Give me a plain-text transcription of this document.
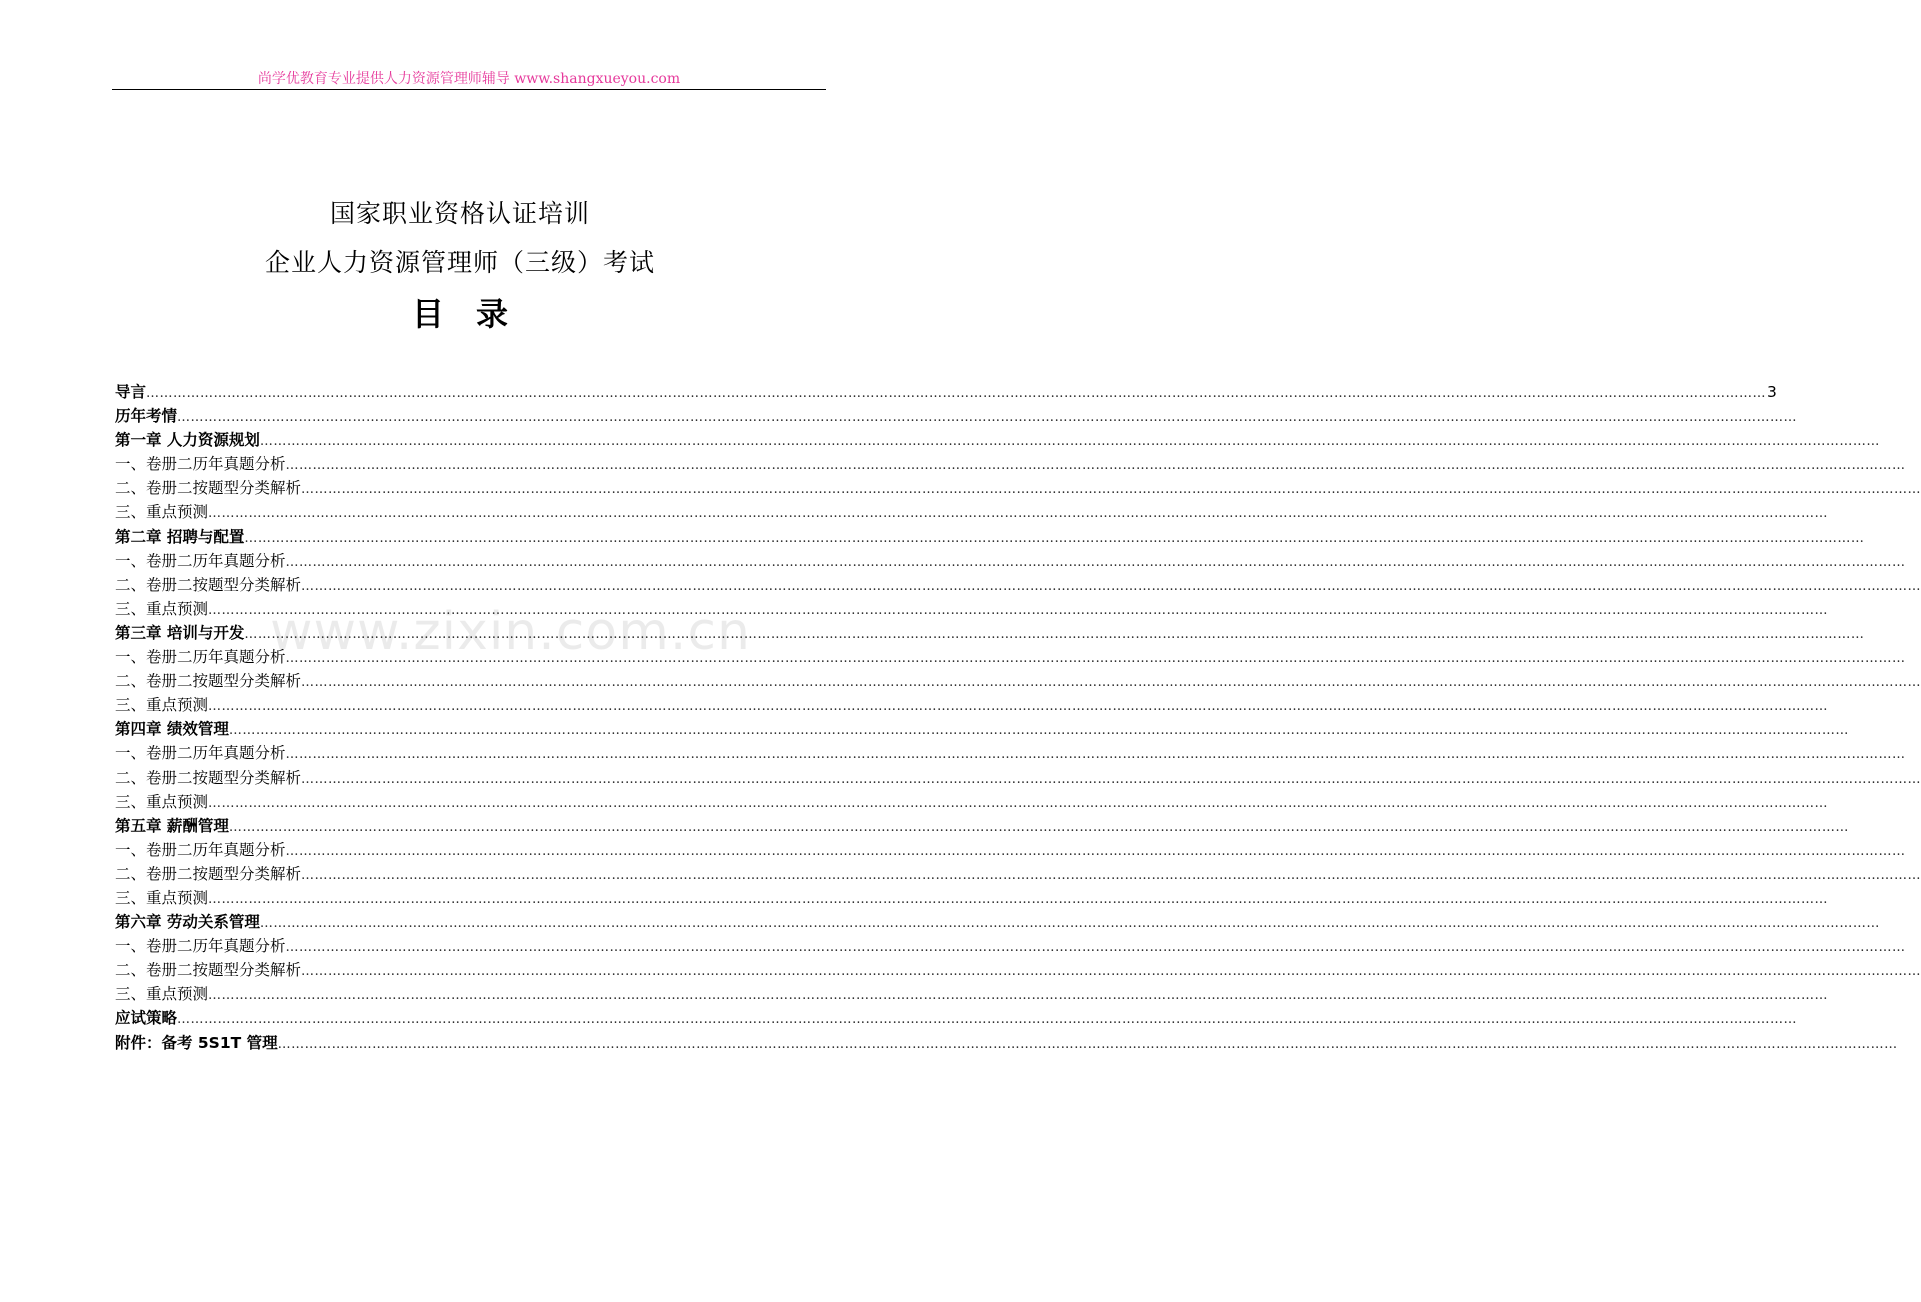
尚学优教育专业提供人力资源管理师辅导 www.shangxueyou.com
国家职业资格认证培训
企业人力资源管理师（三级）考试
目　录
www.zixin.com.cn
导言 ……………………………………………………………………………………………………………………………………………………………………………………………………………………………………………………………………………………………………………………………… 3
历年考情 ………………………………………………………………………………………………………………………………………………………………………………………………………………………………………………………………………………………………………………………………
第一章 人力资源规划 ………………………………………………………………………………………………………………………………………………………………………………………………………………………………………………………………………………………………………………………………
一、卷册二历年真题分析 ………………………………………………………………………………………………………………………………………………………………………………………………………………………………………………………………………………………………………………………………
二、卷册二按题型分类解析 ………………………………………………………………………………………………………………………………………………………………………………………………………………………………………………………………………………………………………………………………
三、重点预测 ………………………………………………………………………………………………………………………………………………………………………………………………………………………………………………………………………………………………………………………………
第二章 招聘与配置 ………………………………………………………………………………………………………………………………………………………………………………………………………………………………………………………………………………………………………………………………
一、卷册二历年真题分析 ………………………………………………………………………………………………………………………………………………………………………………………………………………………………………………………………………………………………………………………………
二、卷册二按题型分类解析 ………………………………………………………………………………………………………………………………………………………………………………………………………………………………………………………………………………………………………………………………
三、重点预测 ………………………………………………………………………………………………………………………………………………………………………………………………………………………………………………………………………………………………………………………………
第三章 培训与开发 ………………………………………………………………………………………………………………………………………………………………………………………………………………………………………………………………………………………………………………………………
一、卷册二历年真题分析 ………………………………………………………………………………………………………………………………………………………………………………………………………………………………………………………………………………………………………………………………
二、卷册二按题型分类解析 ………………………………………………………………………………………………………………………………………………………………………………………………………………………………………………………………………………………………………………………………
三、重点预测 ………………………………………………………………………………………………………………………………………………………………………………………………………………………………………………………………………………………………………………………………
第四章 绩效管理 ………………………………………………………………………………………………………………………………………………………………………………………………………………………………………………………………………………………………………………………………
一、卷册二历年真题分析 ………………………………………………………………………………………………………………………………………………………………………………………………………………………………………………………………………………………………………………………………
二、卷册二按题型分类解析 ………………………………………………………………………………………………………………………………………………………………………………………………………………………………………………………………………………………………………………………………
三、重点预测 ………………………………………………………………………………………………………………………………………………………………………………………………………………………………………………………………………………………………………………………………
第五章 薪酬管理 ………………………………………………………………………………………………………………………………………………………………………………………………………………………………………………………………………………………………………………………………
一、卷册二历年真题分析 ………………………………………………………………………………………………………………………………………………………………………………………………………………………………………………………………………………………………………………………………
二、卷册二按题型分类解析 ………………………………………………………………………………………………………………………………………………………………………………………………………………………………………………………………………………………………………………………………
三、重点预测 ………………………………………………………………………………………………………………………………………………………………………………………………………………………………………………………………………………………………………………………………
第六章 劳动关系管理 ………………………………………………………………………………………………………………………………………………………………………………………………………………………………………………………………………………………………………………………………
一、卷册二历年真题分析 ………………………………………………………………………………………………………………………………………………………………………………………………………………………………………………………………………………………………………………………………
二、卷册二按题型分类解析 ………………………………………………………………………………………………………………………………………………………………………………………………………………………………………………………………………………………………………………………………
三、重点预测 ………………………………………………………………………………………………………………………………………………………………………………………………………………………………………………………………………………………………………………………………
应试策略 ………………………………………………………………………………………………………………………………………………………………………………………………………………………………………………………………………………………………………………………………
附件：备考 5S1T 管理 ………………………………………………………………………………………………………………………………………………………………………………………………………………………………………………………………………………………………………………………………
